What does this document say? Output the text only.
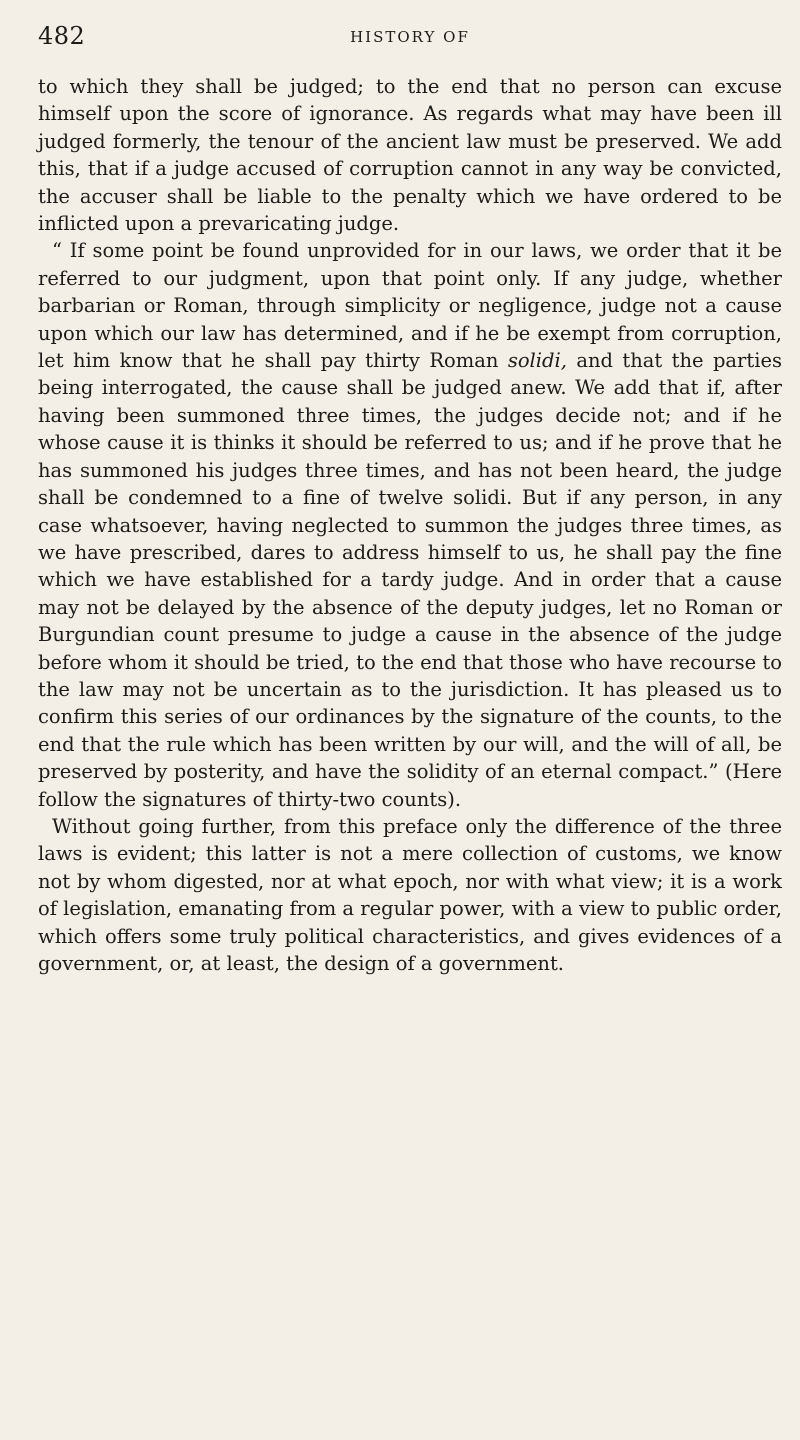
482	HISTORY OF

to which they shall be judged; to the end that no person can excuse himself upon the score of ignorance. As regards what may have been ill judged formerly, the tenour of the ancient law must be preserved. We add this, that if a judge accused of corruption cannot in any way be convicted, the accuser shall be liable to the penalty which we have ordered to be inflicted upon a prevaricating judge.

“ If some point be found unprovided for in our laws, we order that it be referred to our judgment, upon that point only. If any judge, whether barbarian or Roman, through simplicity or negligence, judge not a cause upon which our law has determined, and if he be exempt from corruption, let him know that he shall pay thirty Roman solidi, and that the parties being interrogated, the cause shall be judged anew. We add that if, after having been summoned three times, the judges decide not; and if he whose cause it is thinks it should be referred to us; and if he prove that he has summoned his judges three times, and has not been heard, the judge shall be condemned to a fine of twelve solidi. But if any person, in any case whatsoever, having neglected to summon the judges three times, as we have prescribed, dares to address himself to us, he shall pay the fine which we have established for a tardy judge. And in order that a cause may not be delayed by the absence of the deputy judges, let no Roman or Burgundian count presume to judge a cause in the absence of the judge before whom it should be tried, to the end that those who have recourse to the law may not be uncertain as to the jurisdiction. It has pleased us to confirm this series of our ordinances by the signature of the counts, to the end that the rule which has been written by our will, and the will of all, be preserved by posterity, and have the solidity of an eternal compact.” (Here follow the signatures of thirty-two counts).

Without going further, from this preface only the difference of the three laws is evident; this latter is not a mere collection of customs, we know not by whom digested, nor at what epoch, nor with what view; it is a work of legislation, emanating from a regular power, with a view to public order, which offers some truly political characteristics, and gives evidences of a government, or, at least, the design of a government.
